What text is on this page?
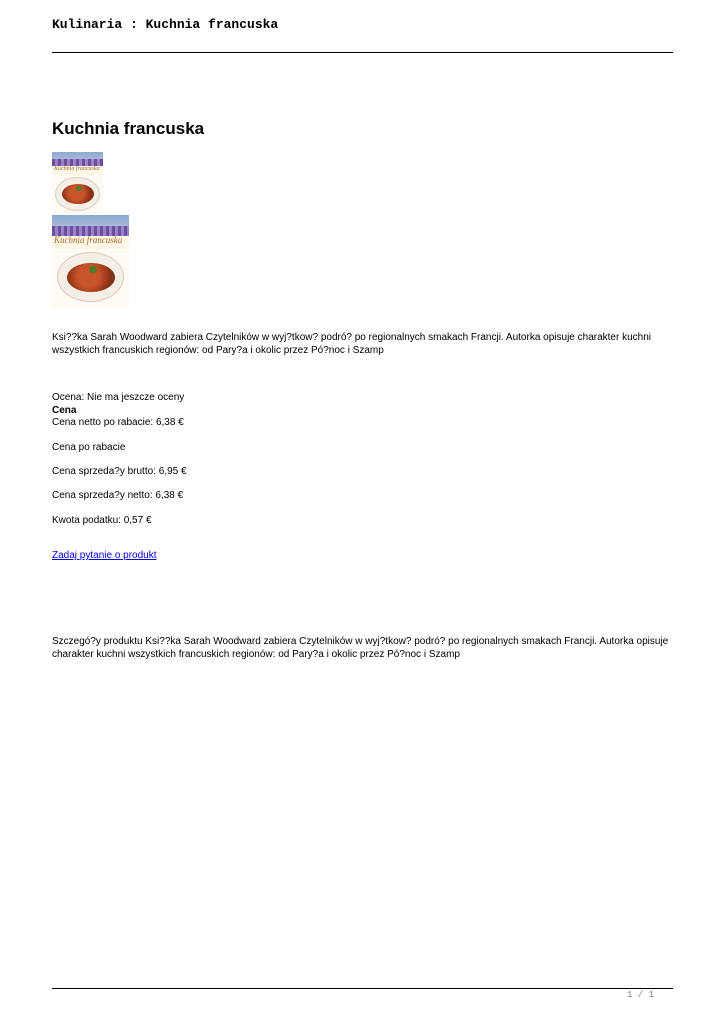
Kulinaria : Kuchnia francuska
Kuchnia francuska
Kuchnia francuska
Kuchnia francuska
Ksi??ka Sarah Woodward zabiera Czytelników w wyj?tkow? podró? po regionalnych smakach Francji. Autorka opisuje charakter kuchni wszystkich francuskich regionów: od Pary?a i okolic przez Pó?noc i Szamp
Ocena: Nie ma jeszcze oceny
Cena
Cena netto po rabacie: 6,38 €
Cena po rabacie
Cena sprzeda?y brutto: 6,95 €
Cena sprzeda?y netto: 6,38 €
Kwota podatku: 0,57 €
Zadaj pytanie o produkt
Szczegó?y produktu Ksi??ka Sarah Woodward zabiera Czytelników w wyj?tkow? podró? po regionalnych smakach Francji. Autorka opisuje charakter kuchni wszystkich francuskich regionów: od Pary?a i okolic przez Pó?noc i Szamp
1 / 1
